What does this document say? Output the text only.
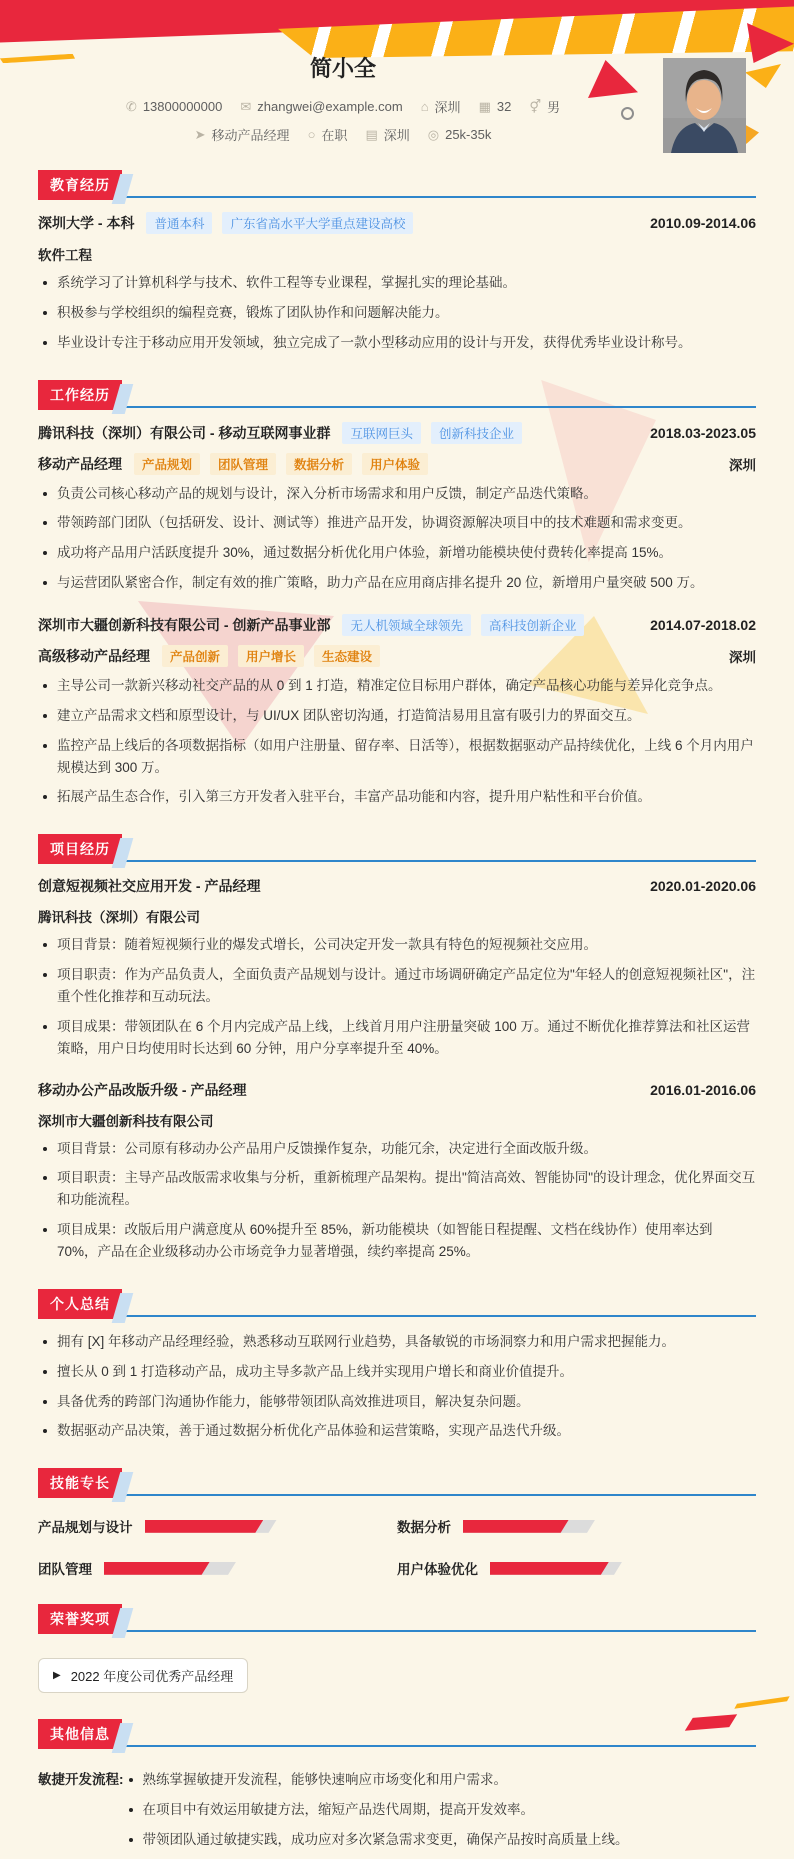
简小全
✆ 13800000000 ✉ zhangwei@example.com ⌂ 深圳 ▦ 32 ⚥ 男
➤ 移动产品经理 ○ 在职 ▤ 深圳 ◎ 25k-35k
教育经历
深圳大学 - 本科	普通本科	广东省高水平大学重点建设高校	2010.09-2014.06
软件工程
系统学习了计算机科学与技术、软件工程等专业课程，掌握扎实的理论基础。
积极参与学校组织的编程竞赛，锻炼了团队协作和问题解决能力。
毕业设计专注于移动应用开发领域，独立完成了一款小型移动应用的设计与开发，获得优秀毕业设计称号。
工作经历
腾讯科技（深圳）有限公司 - 移动互联网事业群	互联网巨头	创新科技企业	2018.03-2023.05
移动产品经理	产品规划	团队管理	数据分析	用户体验	深圳
负责公司核心移动产品的规划与设计，深入分析市场需求和用户反馈，制定产品迭代策略。
带领跨部门团队（包括研发、设计、测试等）推进产品开发，协调资源解决项目中的技术难题和需求变更。
成功将产品用户活跃度提升 30%，通过数据分析优化用户体验，新增功能模块使付费转化率提高 15%。
与运营团队紧密合作，制定有效的推广策略，助力产品在应用商店排名提升 20 位，新增用户量突破 500 万。
深圳市大疆创新科技有限公司 - 创新产品事业部	无人机领域全球领先	高科技创新企业	2014.07-2018.02
高级移动产品经理	产品创新	用户增长	生态建设	深圳
主导公司一款新兴移动社交产品的从 0 到 1 打造，精准定位目标用户群体，确定产品核心功能与差异化竞争点。
建立产品需求文档和原型设计，与 UI/UX 团队密切沟通，打造简洁易用且富有吸引力的界面交互。
监控产品上线后的各项数据指标（如用户注册量、留存率、日活等），根据数据驱动产品持续优化，上线 6 个月内用户规模达到 300 万。
拓展产品生态合作，引入第三方开发者入驻平台，丰富产品功能和内容，提升用户粘性和平台价值。
项目经历
创意短视频社交应用开发 - 产品经理	2020.01-2020.06
腾讯科技（深圳）有限公司
项目背景：随着短视频行业的爆发式增长，公司决定开发一款具有特色的短视频社交应用。
项目职责：作为产品负责人，全面负责产品规划与设计。通过市场调研确定产品定位为"年轻人的创意短视频社区"，注重个性化推荐和互动玩法。
项目成果：带领团队在 6 个月内完成产品上线，上线首月用户注册量突破 100 万。通过不断优化推荐算法和社区运营策略，用户日均使用时长达到 60 分钟，用户分享率提升至 40%。
移动办公产品改版升级 - 产品经理	2016.01-2016.06
深圳市大疆创新科技有限公司
项目背景：公司原有移动办公产品用户反馈操作复杂，功能冗余，决定进行全面改版升级。
项目职责：主导产品改版需求收集与分析，重新梳理产品架构。提出"简洁高效、智能协同"的设计理念，优化界面交互和功能流程。
项目成果：改版后用户满意度从 60%提升至 85%，新功能模块（如智能日程提醒、文档在线协作）使用率达到 70%，产品在企业级移动办公市场竞争力显著增强，续约率提高 25%。
个人总结
拥有 [X] 年移动产品经理经验，熟悉移动互联网行业趋势，具备敏锐的市场洞察力和用户需求把握能力。
擅长从 0 到 1 打造移动产品，成功主导多款产品上线并实现用户增长和商业价值提升。
具备优秀的跨部门沟通协作能力，能够带领团队高效推进项目，解决复杂问题。
数据驱动产品决策，善于通过数据分析优化产品体验和运营策略，实现产品迭代升级。
技能专长
产品规划与设计	数据分析
团队管理	用户体验优化
荣誉奖项
▶ 2022 年度公司优秀产品经理
其他信息
敏捷开发流程:	熟练掌握敏捷开发流程，能够快速响应市场变化和用户需求。
在项目中有效运用敏捷方法，缩短产品迭代周期，提高开发效率。
带领团队通过敏捷实践，成功应对多次紧急需求变更，确保产品按时高质量上线。
